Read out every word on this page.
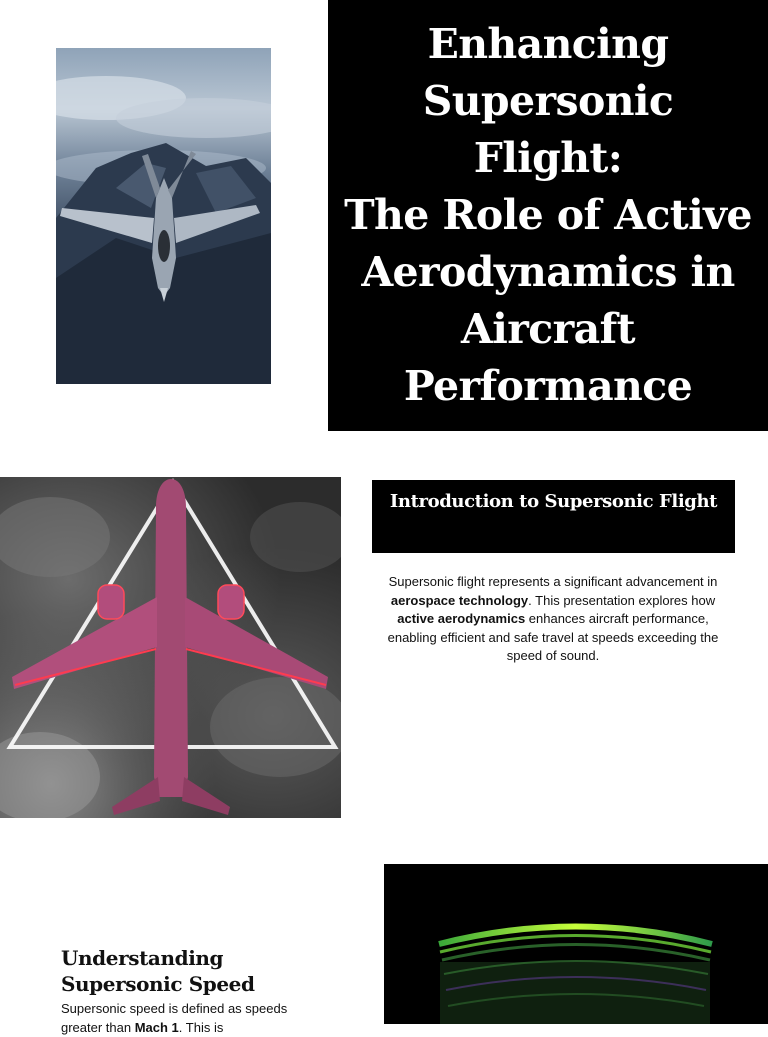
Enhancing
Supersonic Flight:
The Role of Active
Aerodynamics in
Aircraft
Performance
Introduction to Supersonic Flight

Supersonic flight represents a significant advancement in aerospace technology. This presentation explores how active aerodynamics enhances aircraft performance, enabling efficient and safe travel at speeds exceeding the speed of sound.

Understanding
Supersonic Speed

Supersonic speed is defined as speeds greater than Mach 1. This is
